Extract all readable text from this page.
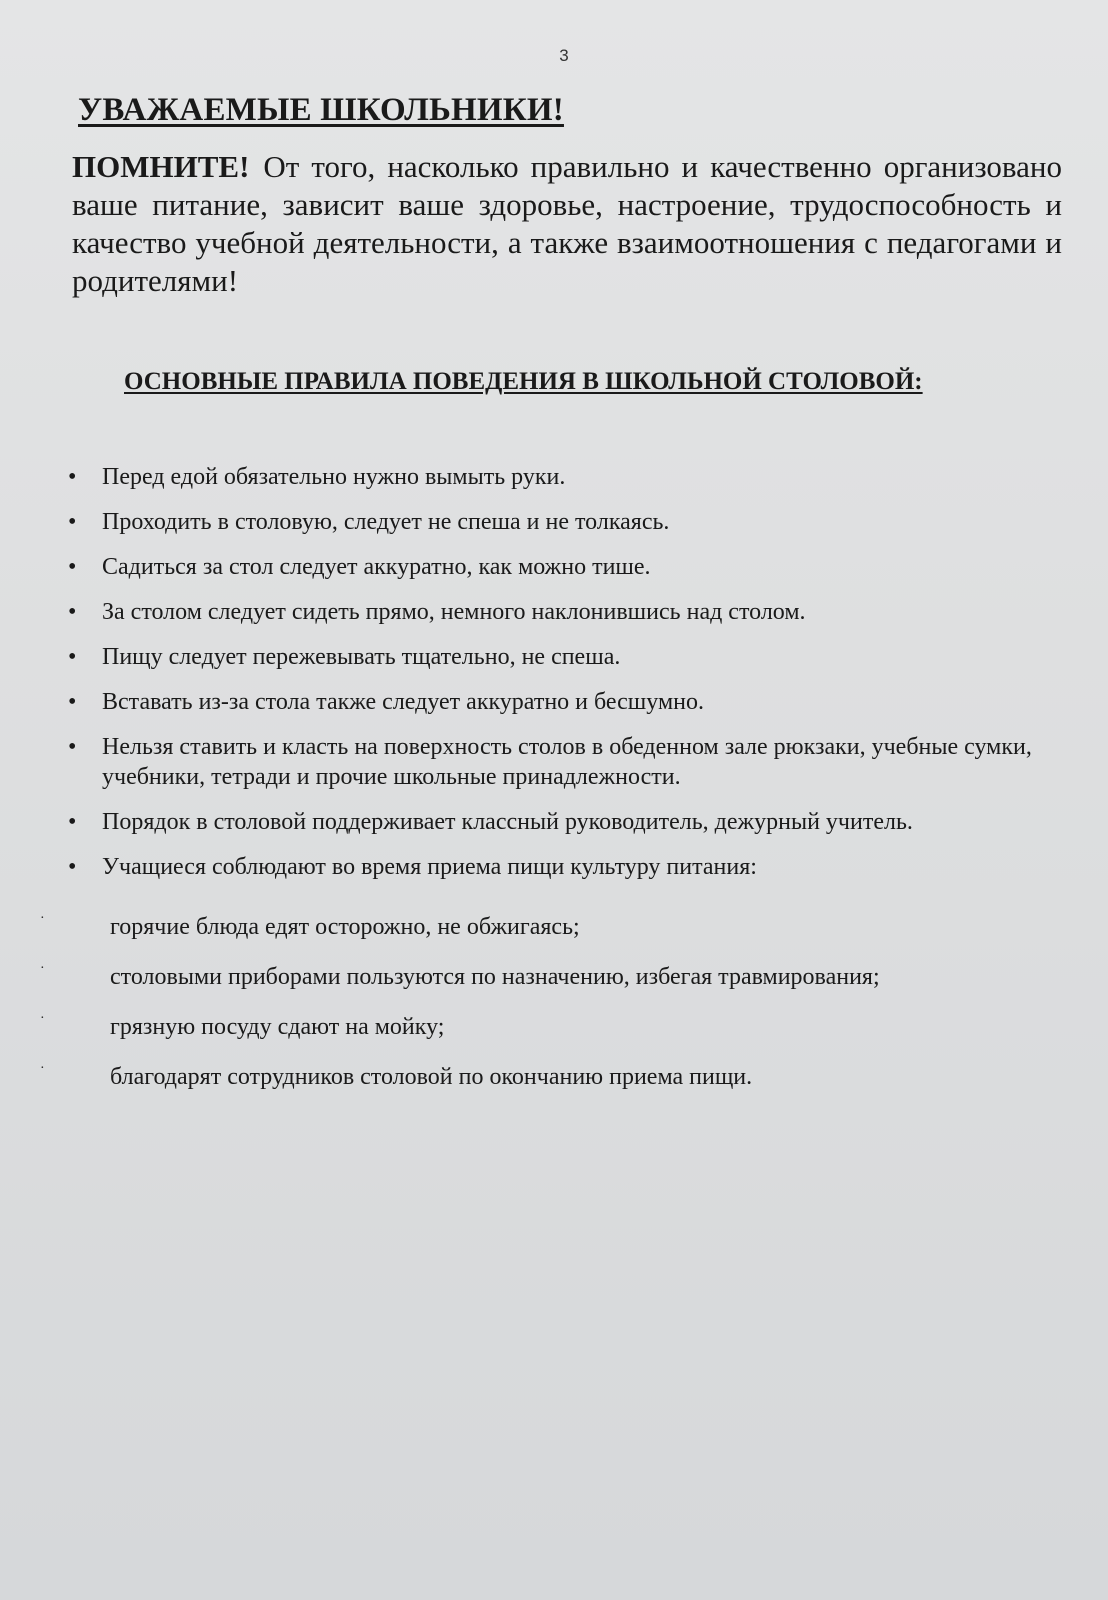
3
УВАЖАЕМЫЕ ШКОЛЬНИКИ!

ПОМНИТЕ! От того, насколько правильно и качественно организовано ваше питание, зависит ваше здоровье, настроение, трудоспособность и качество учебной деятельности, а также взаимоотношения с педагогами и родителями!

ОСНОВНЫЕ ПРАВИЛА ПОВЕДЕНИЯ В ШКОЛЬНОЙ СТОЛОВОЙ:
• Перед едой обязательно нужно вымыть руки.
• Проходить в столовую, следует не спеша и не толкаясь.
• Садиться за стол следует аккуратно, как можно тише.
• За столом следует сидеть прямо, немного наклонившись над столом.
• Пищу следует пережевывать тщательно, не спеша.
• Вставать из-за стола также следует аккуратно и бесшумно.
• Нельзя ставить и класть на поверхность столов в обеденном зале рюкзаки, учебные сумки, учебники, тетради и прочие школьные принадлежности.
• Порядок в столовой поддерживает классный руководитель, дежурный учитель.
• Учащиеся соблюдают во время приема пищи культуру питания:
·	горячие блюда едят осторожно, не обжигаясь;
·	столовыми приборами пользуются по назначению, избегая травмирования;
·	грязную посуду сдают на мойку;
·	благодарят сотрудников столовой по окончанию приема пищи.
